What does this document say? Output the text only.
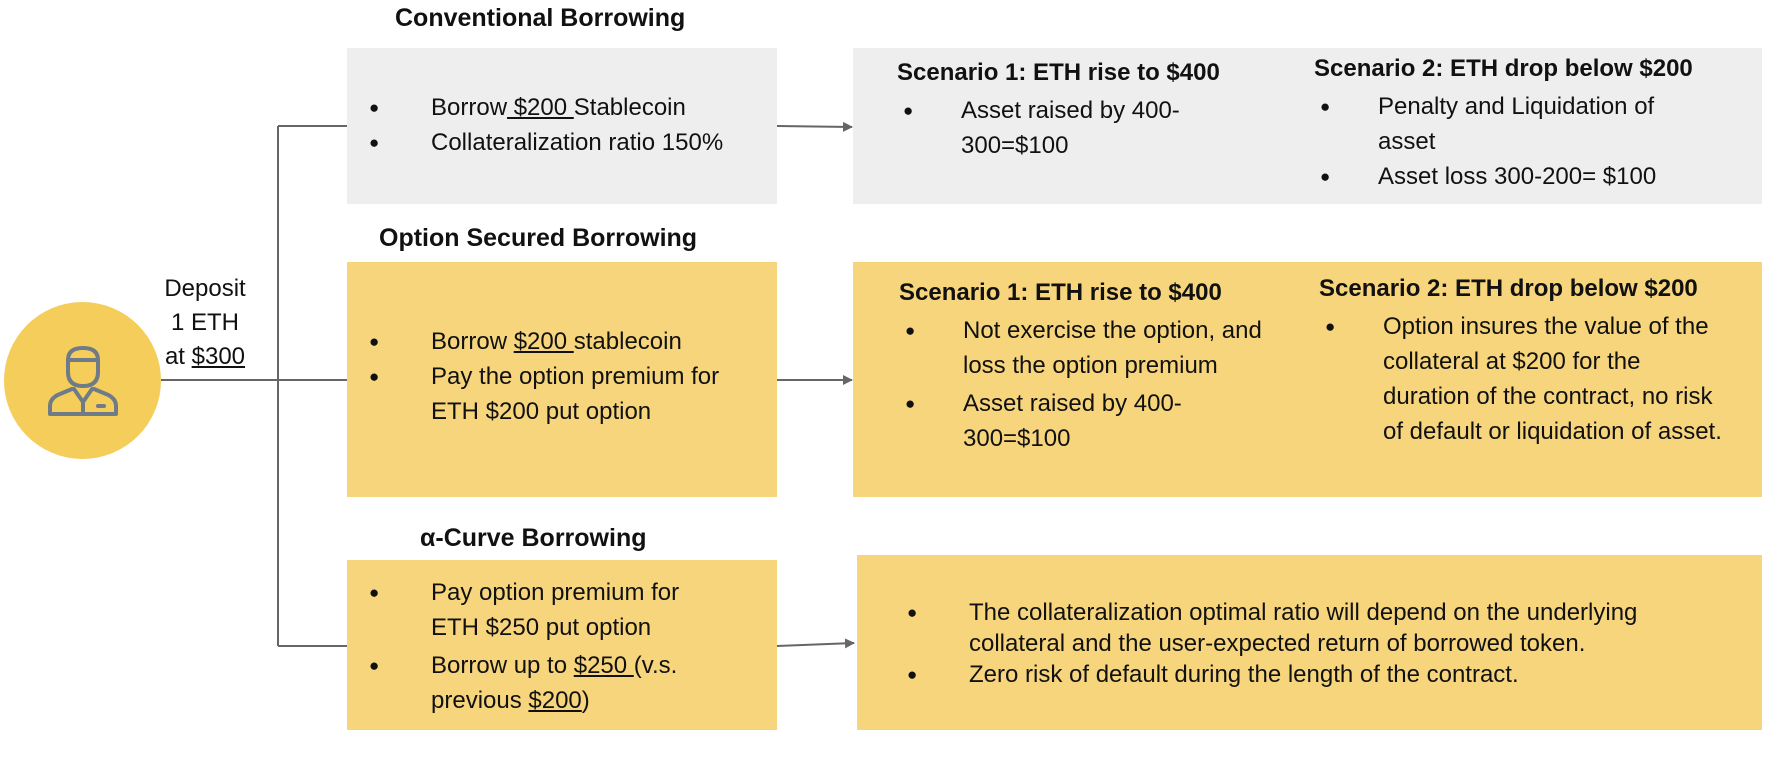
Deposit
1 ETH
at $300
Conventional Borrowing
● Borrow $200 Stablecoin
● Collateralization ratio 150%
Scenario 1: ETH rise to $400
● Asset raised by 400-300=$100
Scenario 2: ETH drop below $200
● Penalty and Liquidation of asset
● Asset loss 300-200= $100
Option Secured Borrowing
● Borrow $200 stablecoin
● Pay the option premium for ETH $200 put option
Scenario 1: ETH rise to $400
● Not exercise the option, and loss the option premium
● Asset raised by 400-300=$100
Scenario 2: ETH drop below $200
● Option insures the value of the collateral at $200 for the duration of the contract, no risk of default or liquidation of asset.
α-Curve Borrowing
● Pay option premium for ETH $250 put option
● Borrow up to $250 (v.s. previous $200)
● The collateralization optimal ratio will depend on the underlying collateral and the user-expected return of borrowed token.
● Zero risk of default during the length of the contract.
